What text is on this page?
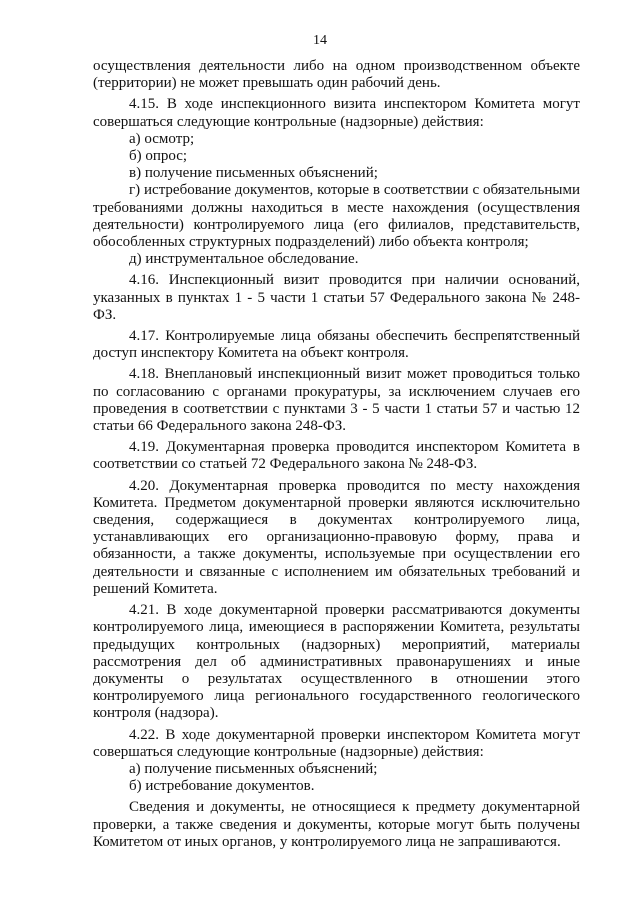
14

осуществления деятельности либо на одном производственном объекте (территории) не может превышать один рабочий день.

4.15. В ходе инспекционного визита инспектором Комитета могут совершаться следующие контрольные (надзорные) действия:

а) осмотр;

б) опрос;

в) получение письменных объяснений;

г) истребование документов, которые в соответствии с обязательными требованиями должны находиться в месте нахождения (осуществления деятельности) контролируемого лица (его филиалов, представительств, обособленных структурных подразделений) либо объекта контроля;

д) инструментальное обследование.

4.16. Инспекционный визит проводится при наличии оснований, указанных в пунктах 1 - 5 части 1 статьи 57 Федерального закона № 248-ФЗ.

4.17. Контролируемые лица обязаны обеспечить беспрепятственный доступ инспектору Комитета на объект контроля.

4.18. Внеплановый инспекционный визит может проводиться только по согласованию с органами прокуратуры, за исключением случаев его проведения в соответствии с пунктами 3 - 5 части 1 статьи 57 и частью 12 статьи 66 Федерального закона 248-ФЗ.

4.19. Документарная проверка проводится инспектором Комитета в соответствии со статьей 72 Федерального закона № 248-ФЗ.

4.20. Документарная проверка проводится по месту нахождения Комитета. Предметом документарной проверки являются исключительно сведения, содержащиеся в документах контролируемого лица, устанавливающих его организационно-правовую форму, права и обязанности, а также документы, используемые при осуществлении его деятельности и связанные с исполнением им обязательных требований и решений Комитета.

4.21. В ходе документарной проверки рассматриваются документы контролируемого лица, имеющиеся в распоряжении Комитета, результаты предыдущих контрольных (надзорных) мероприятий, материалы рассмотрения дел об административных правонарушениях и иные документы о результатах осуществленного в отношении этого контролируемого лица регионального государственного геологического контроля (надзора).

4.22. В ходе документарной проверки инспектором Комитета могут совершаться следующие контрольные (надзорные) действия:

а) получение письменных объяснений;

б) истребование документов.

Сведения и документы, не относящиеся к предмету документарной проверки, а также сведения и документы, которые могут быть получены Комитетом от иных органов, у контролируемого лица не запрашиваются.
